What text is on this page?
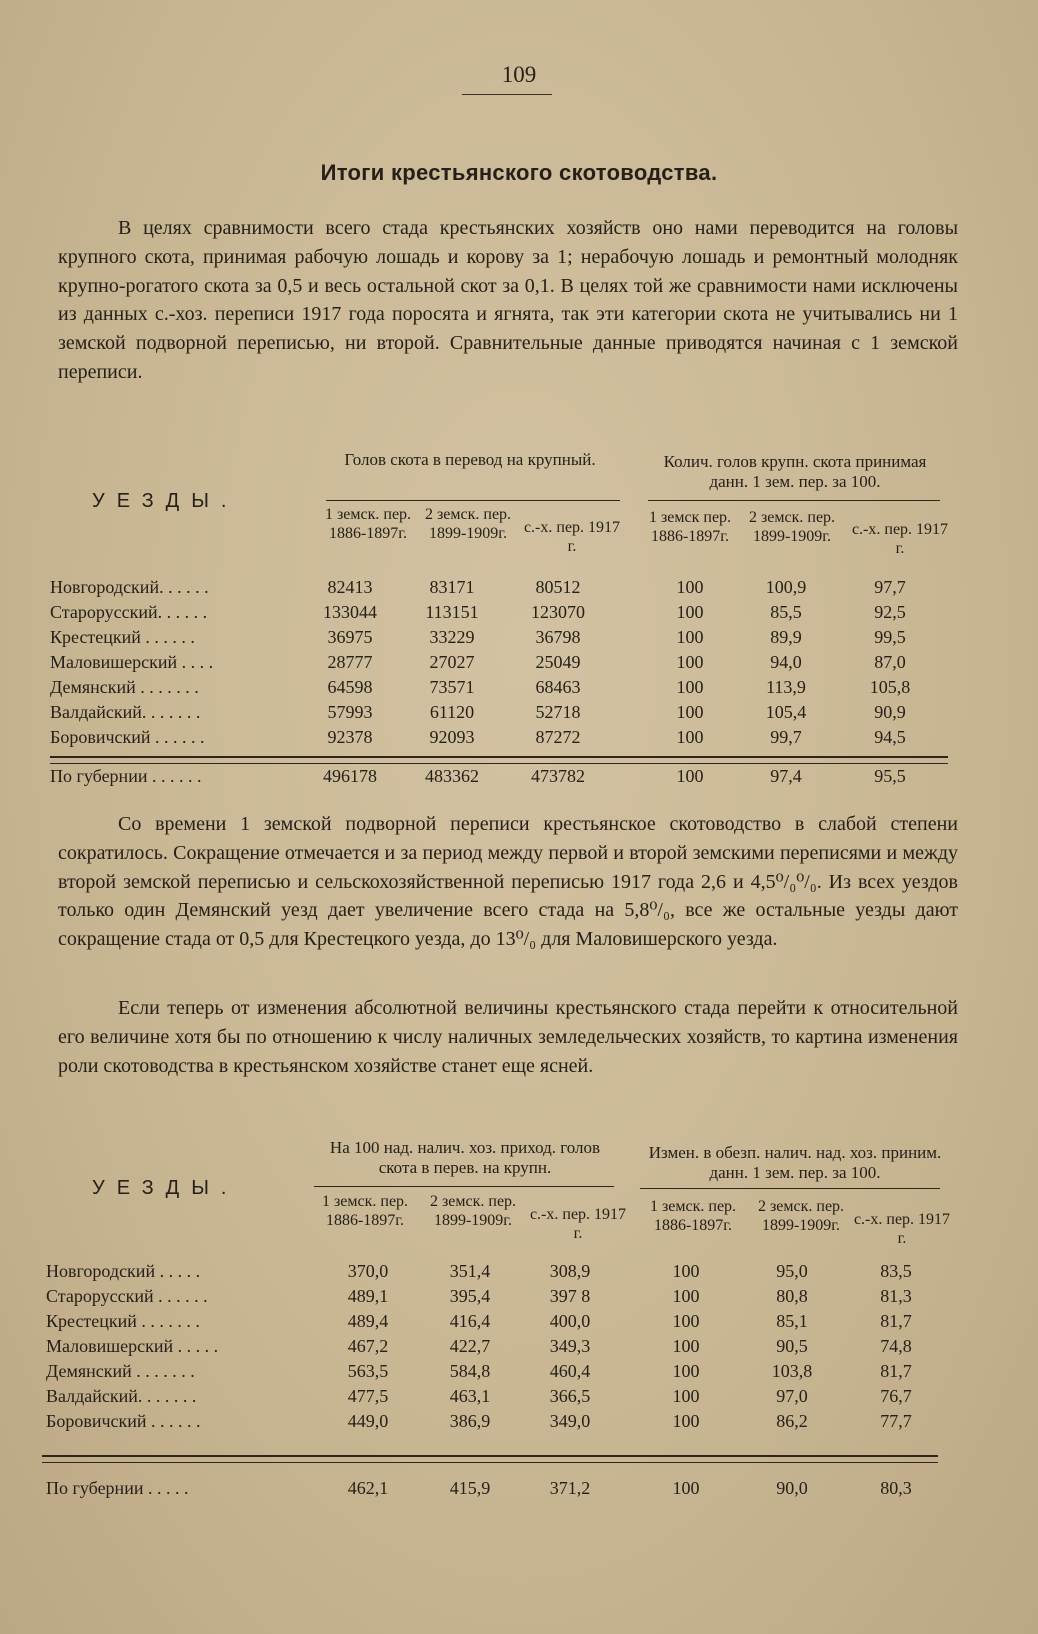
109
Итоги крестьянского скотоводства.
В целях сравнимости всего стада крестьянских хозяйств оно нами переводится на головы крупного скота, принимая рабочую лошадь и корову за 1; нерабочую лошадь и ремонтный молодняк крупно-рогатого скота за 0,5 и весь остальной скот за 0,1. В целях той же сравнимости нами исключены из данных с.-хоз. переписи 1917 года поросята и ягнята, так эти категории скота не учитывались ни 1 земской подворной переписью, ни второй. Сравнительные данные приводятся начиная с 1 земской переписи.
УЕЗДЫ.
Голов скота в перевод на крупный.	Колич. голов крупн. скота принимая данн. 1 зем. пер. за 100.
1 земск. пер. 1886-1897г.
2 земск. пер. 1899-1909г.	с.-х. пер. 1917 г.
1 земск пер. 1886-1897г.
2 земск. пер. 1899-1909г.	с.-х. пер. 1917 г.
Новгородский. . . . . .	82413	83171	80512	100	100,9	97,7
Старорусский. . . . . .	133044	113151	123070	100	85,5	92,5
Крестецкий . . . . . .	36975	33229	36798	100	89,9	99,5
Маловишерский . . . .	28777	27027	25049	100	94,0	87,0
Демянский . . . . . . .	64598	73571	68463	100	113,9	105,8
Валдайский. . . . . . .	57993	61120	52718	100	105,4	90,9
Боровичский . . . . . .	92378	92093	87272	100	99,7	94,5
По губернии . . . . . .	496178	483362	473782	100	97,4	95,5
Со времени 1 земской подворной переписи крестьянское скотоводство в слабой степени сократилось. Сокращение отмечается и за период между первой и второй земскими переписями и между второй земской переписью и сельскохозяйственной переписью 1917 года 2,6 и 4,5⁰/₀⁰/₀. Из всех уездов только один Демянский уезд дает увеличение всего стада на 5,8⁰/₀, все же остальные уезды дают сокращение стада от 0,5 для Крестецкого уезда, до 13⁰/₀ для Маловишерского уезда.
Если теперь от изменения абсолютной величины крестьянского стада перейти к относительной его величине хотя бы по отношению к числу наличных земледельческих хозяйств, то картина изменения роли скотоводства в крестьянском хозяйстве станет еще ясней.
УЕЗДЫ.
На 100 над. налич. хоз. приход. голов скота в перев. на крупн.
Измен. в обезп. налич. над. хоз. приним. данн. 1 зем. пер. за 100.
1 земск. пер. 1886-1897г.
2 земск. пер. 1899-1909г.	с.-х. пер. 1917 г.
1 земск. пер. 1886-1897г.
2 земск. пер. 1899-1909г. с.-х. пер. 1917 г.
Новгородский . . . . .	370,0	351,4	308,9	100	95,0	83,5
Старорусский . . . . . .	489,1	395,4	397 8	100	80,8	81,3
Крестецкий . . . . . . .	489,4	416,4	400,0	100	85,1	81,7
Маловишерский . . . . .	467,2	422,7	349,3	100	90,5	74,8
Демянский . . . . . . .	563,5	584,8	460,4	100	103,8	81,7
Валдайский. . . . . . .	477,5	463,1	366,5	100	97,0	76,7
Боровичский . . . . . .	449,0	386,9	349,0	100	86,2	77,7
По губернии . . . . .	462,1	415,9	371,2	100	90,0	80,3
